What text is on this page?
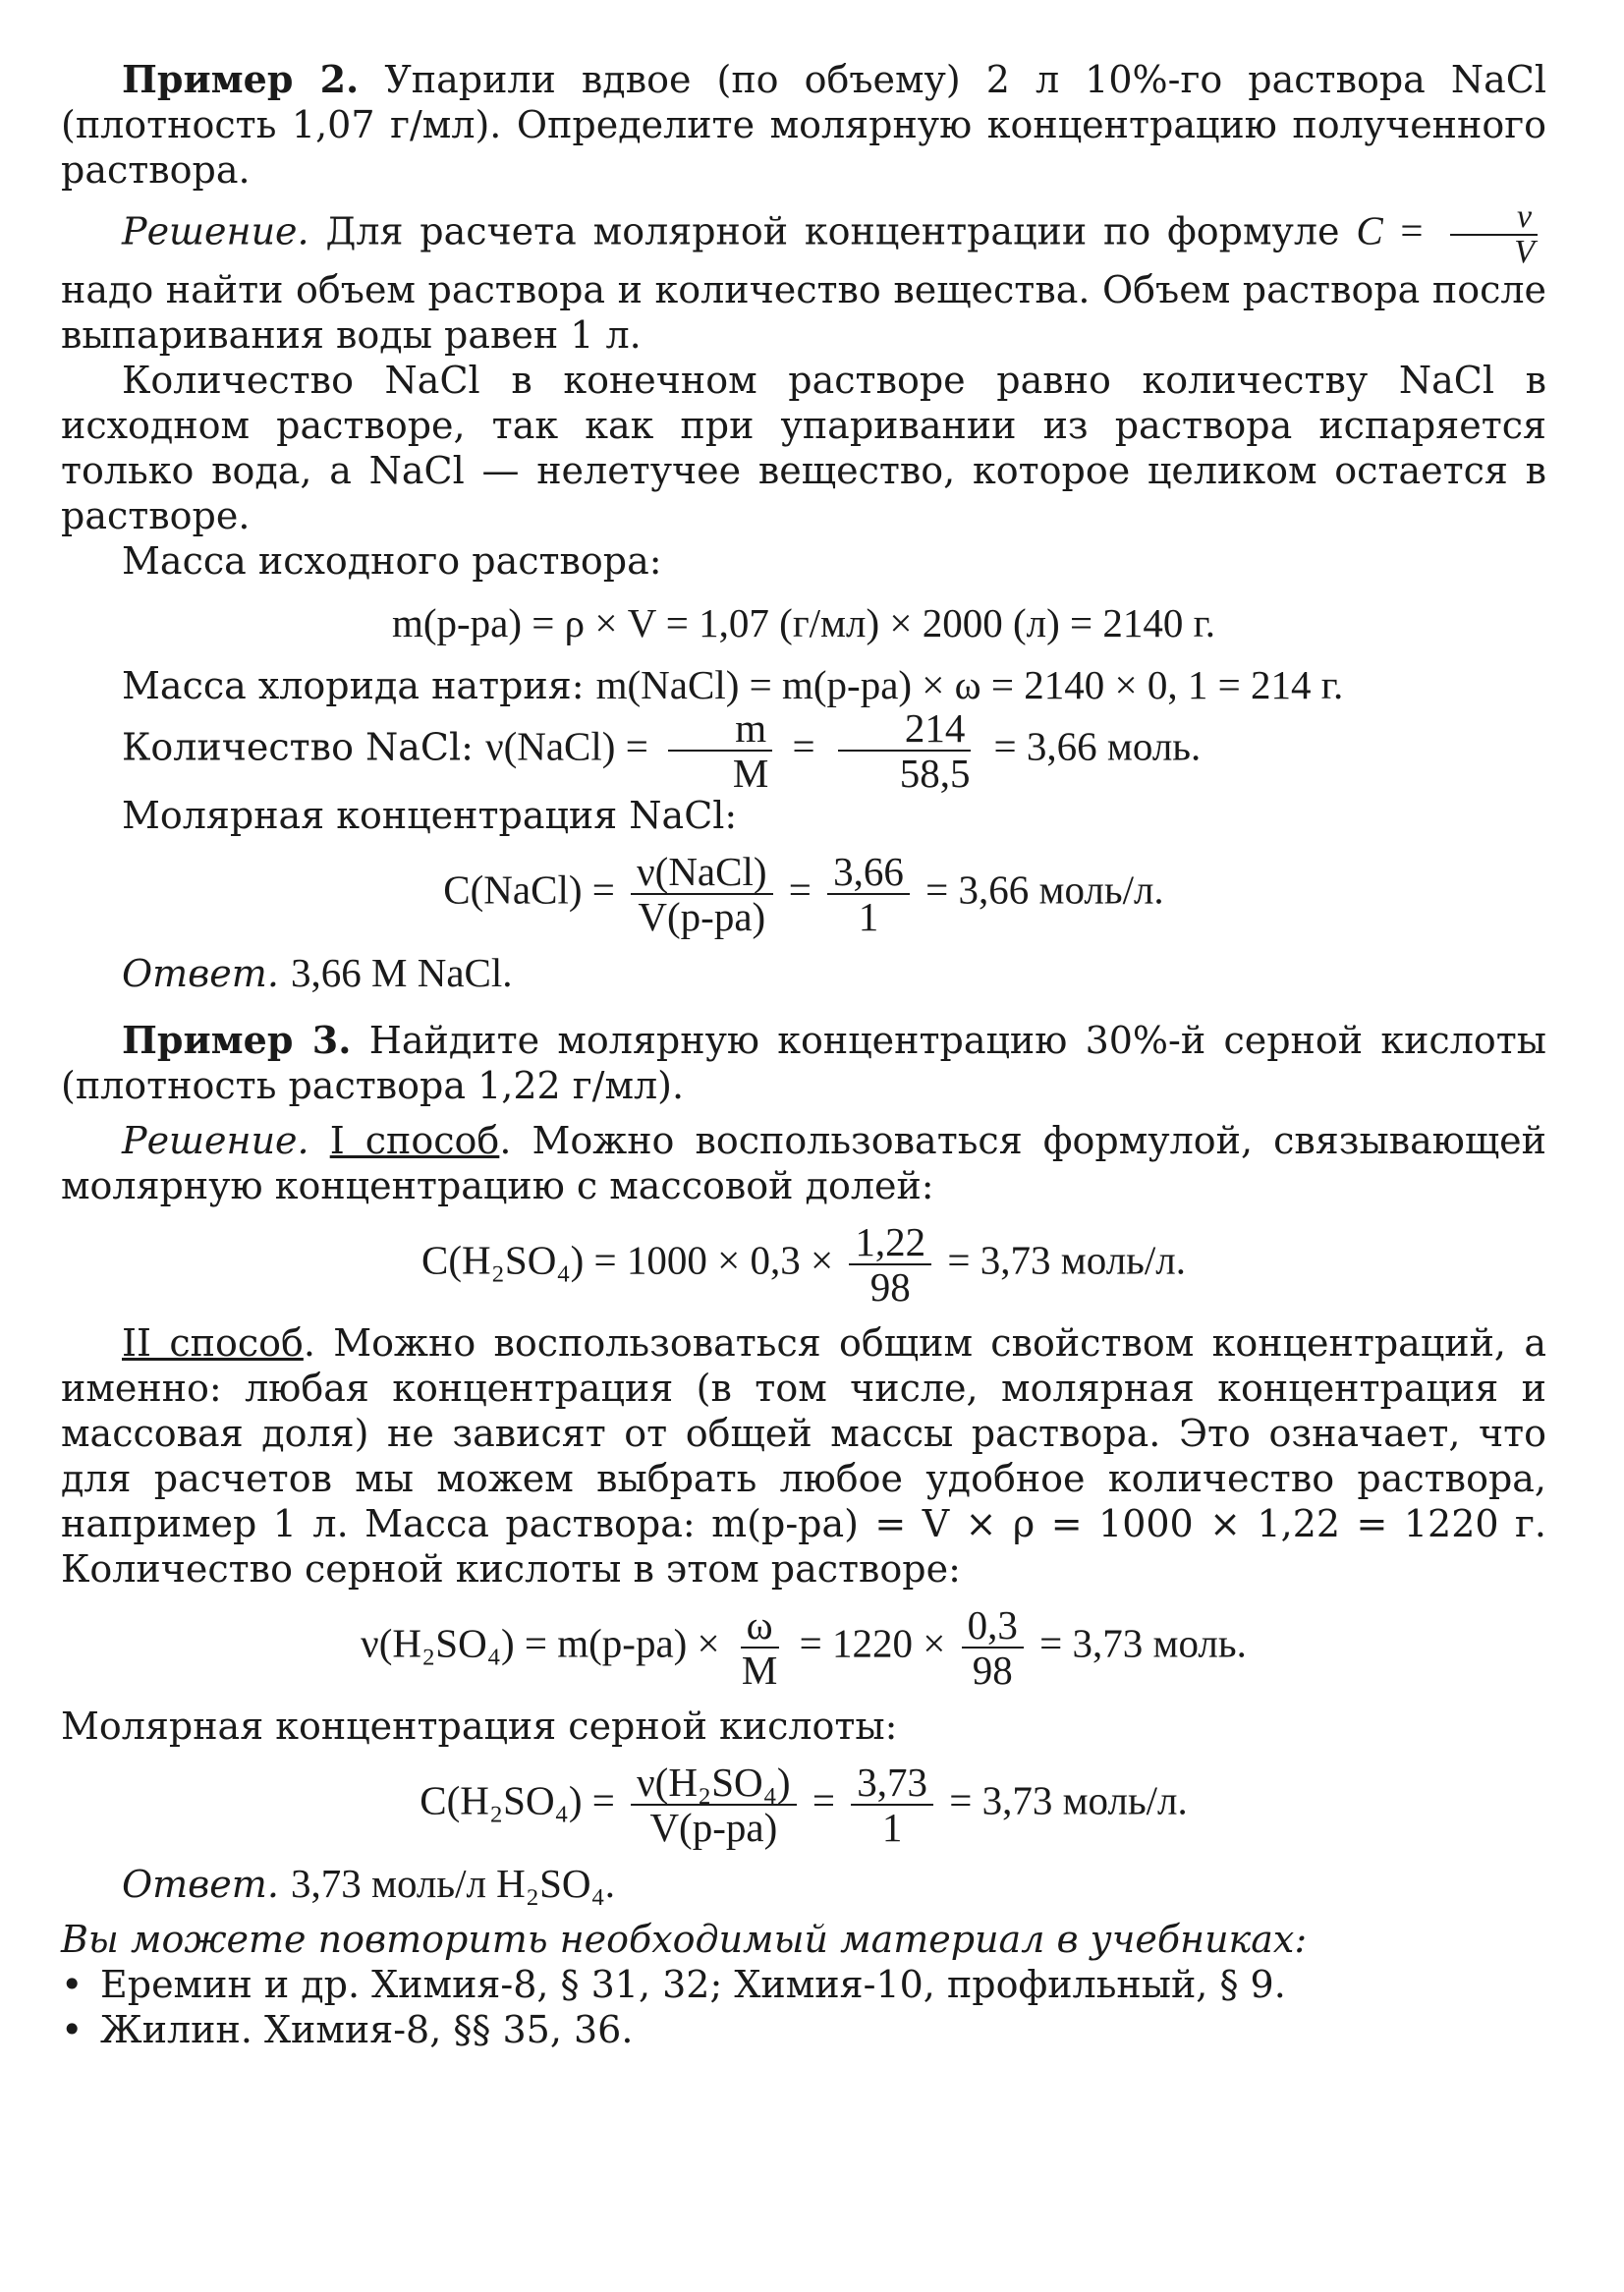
Пример 2. Упарили вдвое (по объему) 2 л 10%-го раствора NaCl (плотность 1,07 г/мл). Определите молярную концентрацию полученного раствора.

Решение. Для расчета молярной концентрации по формуле $C = \frac{\nu}{V}$
надо найти объем раствора и количество вещества. Объем раствора после выпаривания воды равен 1 л.

Количество NaCl в конечном растворе равно количеству NaCl в исходном растворе, так как при упаривании из раствора испаряется только вода, а NaCl — нелетучее вещество, которое целиком остается в растворе.

Масса исходного раствора:

m(р-ра) = ρ × V = 1,07 (г/мл) × 2000 (л) = 2140 г.

Масса хлорида натрия: m(NaCl) = m(р-ра) × ω = 2140 × 0, 1 = 214 г.

Количество NaCl: ν(NaCl) = $\frac{m}{M} = \frac{214}{58,5} = 3,66$ моль.

Молярная концентрация NaCl:

C(NaCl) = $\frac{\text{ν(NaCl)}}{V(р-ра)} = \frac{3,66}{1} = 3,66$ моль/л.

Ответ. 3,66 M NaCl.

Пример 3. Найдите молярную концентрацию 30%-й серной кислоты (плотность раствора 1,22 г/мл).

Решение. I способ. Можно воспользоваться формулой, связывающей молярную концентрацию с массовой долей:

$C(H_2SO_4) = 1000 \times 0,3 \times \frac{1,22}{98} = 3,73$ моль/л.

II способ. Можно воспользоваться общим свойством концентраций, а именно: любая концентрация (в том числе, молярная концентрация и массовая доля) не зависят от общей массы раствора. Это означает, что для расчетов мы можем выбрать любое удобное количество раствора, например 1 л. Масса раствора: m(р-ра) = V × ρ = 1000 × 1,22 = 1220 г. Количество серной кислоты в этом растворе:

$\nu(H_2SO_4) = m(р-ра) \times \frac{\omega}{M} = 1220 \times \frac{0,3}{98} = 3,73$ моль.

Молярная концентрация серной кислоты:

$C(H_2SO_4) = \frac{\text{ν(H₂SO₄)}}{V(р-ра)} = \frac{3,73}{1} = 3,73$ моль/л.

Ответ. 3,73 моль/л H₂SO₄.

Вы можете повторить необходимый материал в учебниках:

• Еремин и др. Химия-8, § 31, 32; Химия-10, профильный, § 9.

• Жилин. Химия-8, §§ 35, 36.
